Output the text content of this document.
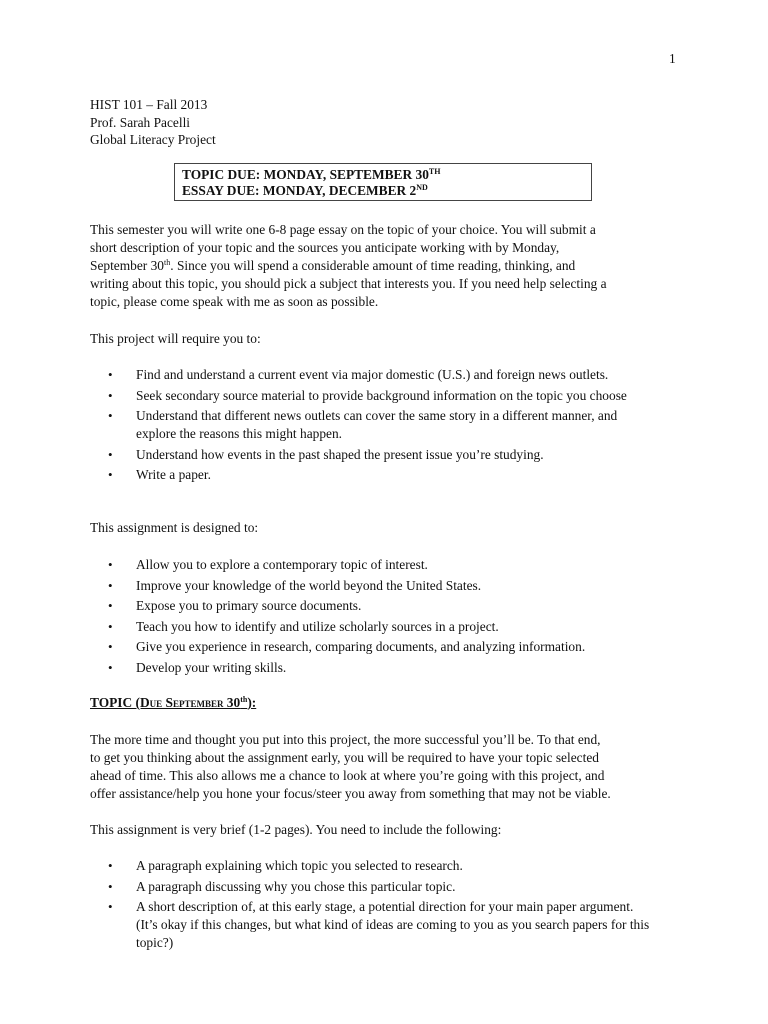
1
HIST 101 – Fall 2013
Prof. Sarah Pacelli
Global Literacy Project
TOPIC DUE: MONDAY, SEPTEMBER 30TH
ESSAY DUE: MONDAY, DECEMBER 2ND
This semester you will write one 6-8 page essay on the topic of your choice. You will submit a
short description of your topic and the sources you anticipate working with by Monday,
September 30th. Since you will spend a considerable amount of time reading, thinking, and
writing about this topic, you should pick a subject that interests you. If you need help selecting a
topic, please come speak with me as soon as possible.
This project will require you to:
• Find and understand a current event via major domestic (U.S.) and foreign news outlets.
• Seek secondary source material to provide background information on the topic you choose
• Understand that different news outlets can cover the same story in a different manner, and explore the reasons this might happen.
• Understand how events in the past shaped the present issue you’re studying.
• Write a paper.
This assignment is designed to:
• Allow you to explore a contemporary topic of interest.
• Improve your knowledge of the world beyond the United States.
• Expose you to primary source documents.
• Teach you how to identify and utilize scholarly sources in a project.
• Give you experience in research, comparing documents, and analyzing information.
• Develop your writing skills.
TOPIC (Due September 30th):
The more time and thought you put into this project, the more successful you’ll be. To that end,
to get you thinking about the assignment early, you will be required to have your topic selected
ahead of time. This also allows me a chance to look at where you’re going with this project, and
offer assistance/help you hone your focus/steer you away from something that may not be viable.
This assignment is very brief (1-2 pages). You need to include the following:
• A paragraph explaining which topic you selected to research.
• A paragraph discussing why you chose this particular topic.
• A short description of, at this early stage, a potential direction for your main paper argument. (It’s okay if this changes, but what kind of ideas are coming to you as you search papers for this topic?)
